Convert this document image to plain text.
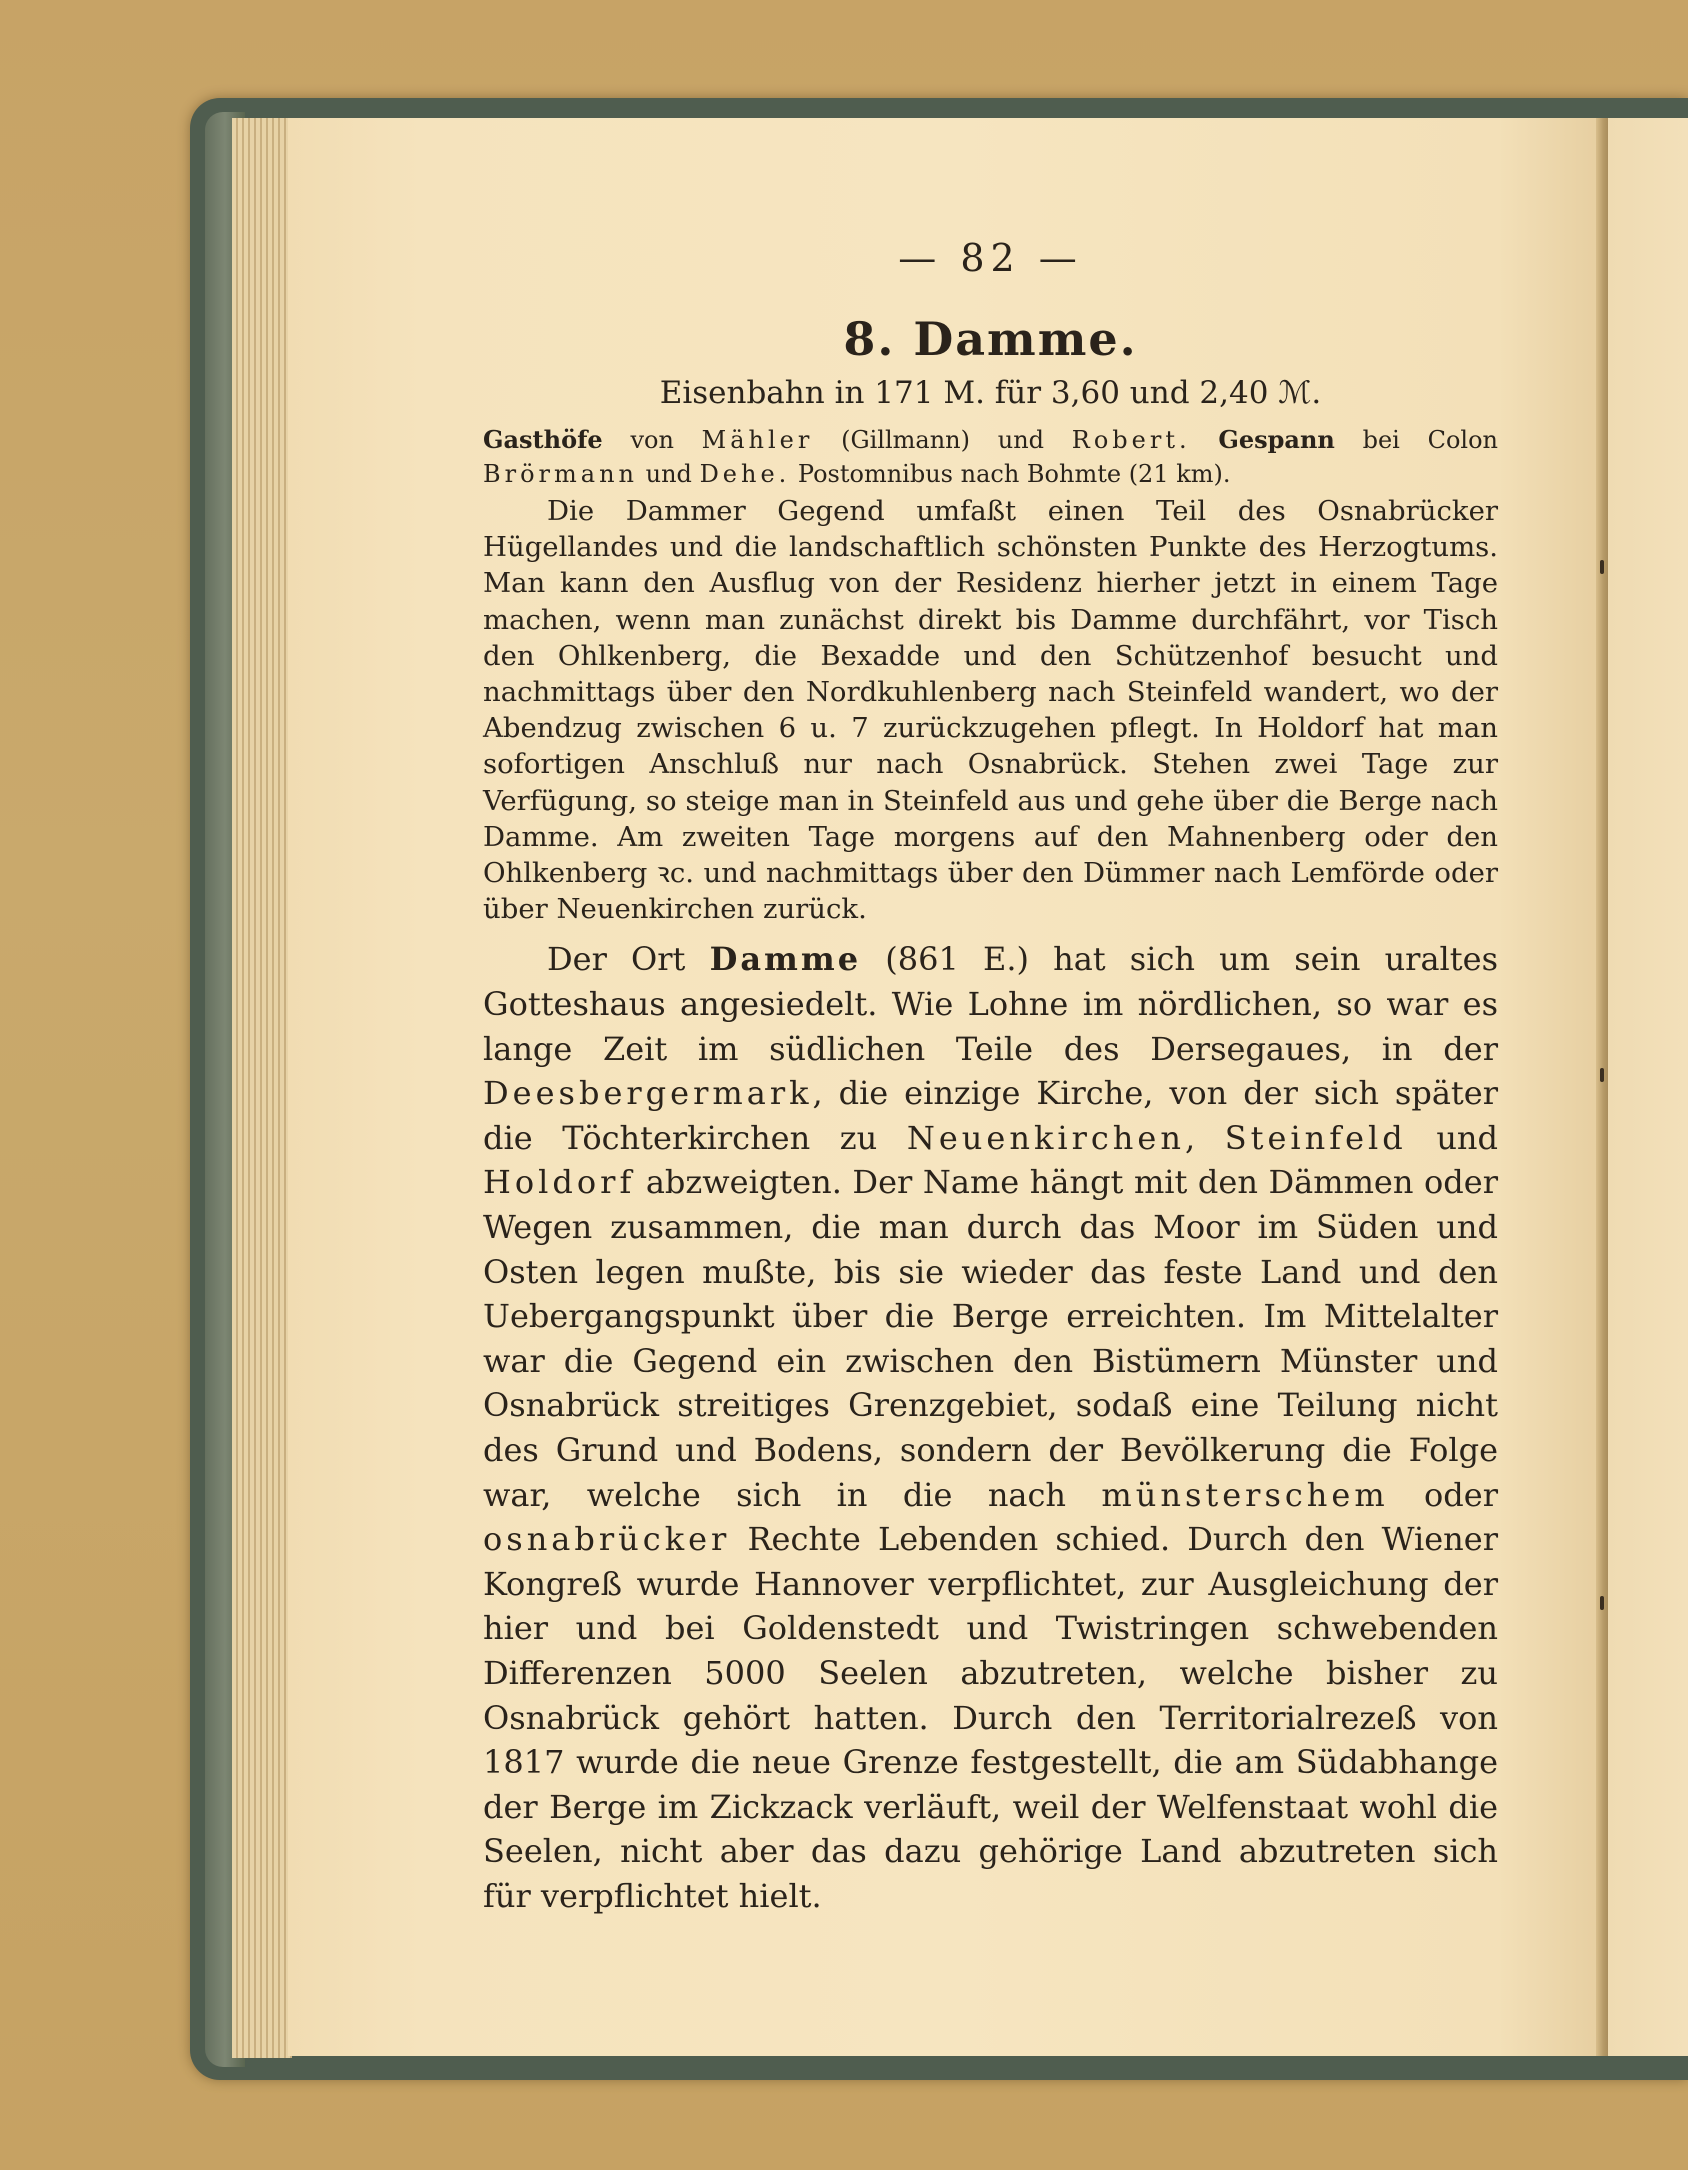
— 82 —
8. Damme.
Eisenbahn in 171 M. für 3,60 und 2,40 ℳ.

Gasthöfe von Mähler (Gillmann) und Robert. Gespann bei Colon Brörmann und Dehe. Postomnibus nach Bohmte (21 km).

Die Dammer Gegend umfaßt einen Teil des Osnabrücker Hügellandes und die landschaftlich schönsten Punkte des Herzogtums. Man kann den Ausflug von der Residenz hierher jetzt in einem Tage machen, wenn man zunächst direkt bis Damme durchfährt, vor Tisch den Ohlkenberg, die Bexadde und den Schützenhof besucht und nachmittags über den Nordkuhlenberg nach Steinfeld wandert, wo der Abendzug zwischen 6 u. 7 zurückzugehen pflegt. In Holdorf hat man sofortigen Anschluß nur nach Osnabrück. Stehen zwei Tage zur Verfügung, so steige man in Steinfeld aus und gehe über die Berge nach Damme. Am zweiten Tage morgens auf den Mahnenberg oder den Ohlkenberg ꝛc. und nachmittags über den Dümmer nach Lemförde oder über Neuenkirchen zurück.

Der Ort Damme (861 E.) hat sich um sein uraltes Gotteshaus angesiedelt. Wie Lohne im nördlichen, so war es lange Zeit im südlichen Teile des Dersegaues, in der Deesbergermark, die einzige Kirche, von der sich später die Töchterkirchen zu Neuenkirchen, Steinfeld und Holdorf abzweigten. Der Name hängt mit den Dämmen oder Wegen zusammen, die man durch das Moor im Süden und Osten legen mußte, bis sie wieder das feste Land und den Uebergangspunkt über die Berge erreichten. Im Mittelalter war die Gegend ein zwischen den Bistümern Münster und Osnabrück streitiges Grenzgebiet, sodaß eine Teilung nicht des Grund und Bodens, sondern der Bevölkerung die Folge war, welche sich in die nach münsterschem oder osnabrücker Rechte Lebenden schied. Durch den Wiener Kongreß wurde Hannover verpflichtet, zur Ausgleichung der hier und bei Goldenstedt und Twistringen schwebenden Differenzen 5000 Seelen abzutreten, welche bisher zu Osnabrück gehört hatten. Durch den Territorialrezeß von 1817 wurde die neue Grenze festgestellt, die am Südabhange der Berge im Zickzack verläuft, weil der Welfenstaat wohl die Seelen, nicht aber das dazu gehörige Land abzutreten sich für verpflichtet hielt.
